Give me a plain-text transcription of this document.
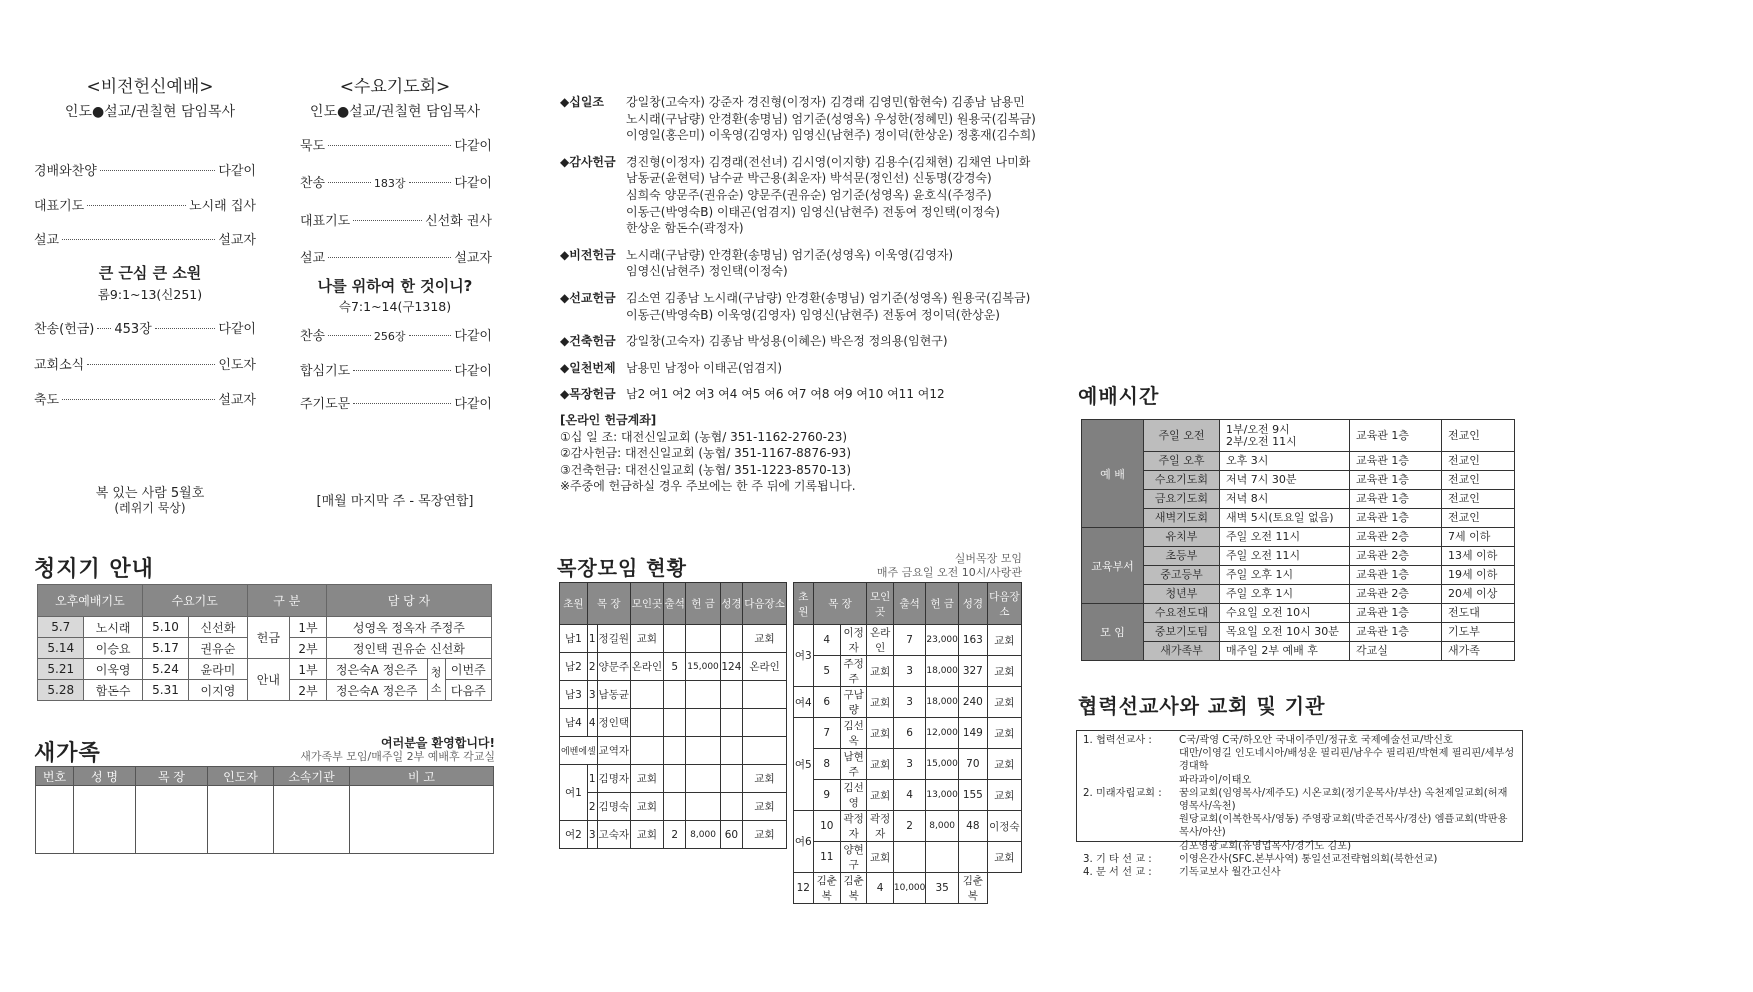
<비전헌신예배>
인도●설교/권칠현 담임목사
경배와찬양	다같이
대표기도	노시래 집사
설교	설교자
큰 근심 큰 소원
롬9:1~13(신251)
찬송(헌금) 453장	다같이
교회소식	인도자
축도	설교자
복 있는 사람 5월호
(레위기 묵상)
<수요기도회>
인도●설교/권칠현 담임목사
묵도	다같이
찬송	183장	다같이
대표기도	신선화 권사
설교	설교자
나를 위하여 한 것이니?
슥7:1~14(구1318)
찬송	256장	다같이
합심기도	다같이
주기도문	다같이
[매월 마지막 주 - 목장연합]
◆십일조	강일창(고숙자) 강준자 경진형(이정자) 김경래 김영민(함현숙) 김종남 남용민
노시래(구남량) 안경환(송명님) 엄기준(성영옥) 우성한(정혜민) 원용국(김복금)
이영일(홍은미) 이욱영(김영자) 임영신(남현주) 정이덕(한상운) 정홍재(김수희)
◆감사헌금 경진형(이정자) 김경래(전선녀) 김시영(이지향) 김용수(김채현) 김채연 나미화
남동균(윤현덕) 남수균 박근용(최운자) 박석문(정인선) 신동명(강경숙)
심희숙 양문주(권유순) 양문주(권유순) 엄기준(성영옥) 윤호식(주정주)
이동근(박영숙B) 이태곤(엄겸지) 임영신(남현주) 전동여 정인택(이정숙)
한상운 함돈수(곽정자)
◆비전헌금 노시래(구남량) 안경환(송명님) 엄기준(성영옥) 이욱영(김영자)
임영신(남현주) 정인택(이정숙)
◆선교헌금 김소연 김종남 노시래(구남량) 안경환(송명님) 엄기준(성영옥) 원용국(김복금)
이동근(박영숙B) 이욱영(김영자) 임영신(남현주) 전동여 정이덕(한상운)
◆건축헌금 강일창(고숙자) 김종남 박성용(이혜은) 박은정 정의용(임현구)
◆일천번제 남용민 남정아 이태곤(엄겸지)
◆목장헌금 남2 여1 여2 여3 여4 여5 여6 여7 여8 여9 여10 여11 여12
[온라인 헌금계좌]
①십 일 조: 대전신일교회 (농협/ 351-1162-2760-23)
②감사헌금: 대전신일교회 (농협/ 351-1167-8876-93)
③건축헌금: 대전신일교회 (농협/ 351-1223-8570-13)
※주중에 헌금하실 경우 주보에는 한 주 뒤에 기록됩니다.
청지기 안내
오후예배기도		수요기도		구 분		담 당 자		
5.7	노시래	5.10	신선화	헌금	1부	성영옥 정옥자 주정주		
5.14	이승요	5.17	권유순		2부	정인택 권유순 신선화		
5.21	이욱영	5.24	윤라미	안내	1부	정은숙A 정은주	청소	이번주
5.28	함돈수	5.31	이지영		2부	정은숙A 정은주		다음주
새가족	여러분을 환영합니다!
새가족부 모임/매주일 2부 예배후 각교실
번호	성 명	목 장	인도자	소속기관	비 고

목장모임 현황	실버목장 모임
매주 금요일 오전 10시/사랑관
초원	목 장		모인곳	출석	헌 금	성경	다음장소
남1	1	정길원	교회				교회
남2	2	양문주	온라인	5	15,000	124	온라인
남3	3	남동균					
남4	4	정인택					
에벤에셀		교역자					
여1	1	김명자	교회				교회
	2	김명숙	교회				교회
여2	3	고숙자	교회	2	8,000	60	교회
초원	목 장		모인곳	출석	헌 금	성경	다음장소
여3	4	이정자	온라인	7	23,000	163	교회
	5	주정주	교회	3	18,000	327	교회
여4	6	구남량	교회	3	18,000	240	교회
여5	7	김선옥	교회	6	12,000	149	교회
	8	남현주	교회	3	15,000	70	교회
	9	김선영	교회	4	13,000	155	교회
여6	10	곽정자	곽정자	2	8,000	48	이정숙
	11	양현구	교회				교회
12	김춘복	김춘복	4	10,000	35	김춘복	
예배시간
예 배	주일 오전	1부/오전 9시
2부/오전 11시	교육관 1층	전교인
	주일 오후	오후 3시	교육관 1층	전교인
	수요기도회	저녁 7시 30분	교육관 1층	전교인
	금요기도회	저녁 8시	교육관 1층	전교인
	새벽기도회	새벽 5시(토요일 없음)	교육관 1층	전교인
교육부서	유치부	주일 오전 11시	교육관 2층	7세 이하
	초등부	주일 오전 11시	교육관 2층	13세 이하
	중고등부	주일 오후 1시	교육관 1층	19세 이하
	청년부	주일 오후 1시	교육관 2층	20세 이상
모 임	수요전도대	수요일 오전 10시	교육관 1층	전도대
	중보기도팀	목요일 오전 10시 30분	교육관 1층	기도부
	새가족부	매주일 2부 예배 후	각교실	새가족
협력선교사와 교회 및 기관
1. 협력선교사 :	C국/곽영 C국/하오안 국내이주민/정규호 국제예술선교/박신호
대만/이영길 인도네시아/배성운 필리핀/남우수 필리핀/박현제 필리핀/세부성경대학
파라과이/이태오
2. 미래자립교회 :	꿈의교회(임영목사/제주도) 시온교회(정기운목사/부산) 옥천제일교회(허재영목사/옥천)
원당교회(이복한목사/영동) 주영광교회(박준건목사/경산) 엠플교회(박판용목사/아산)
김포영광교회(유영업목사/경기도 김포)
3. 기 타 선 교 :	이영은간사(SFC.본부사역) 통일선교전략협의회(북한선교)
4. 문 서 선 교 :	기독교보사 월간고신사
